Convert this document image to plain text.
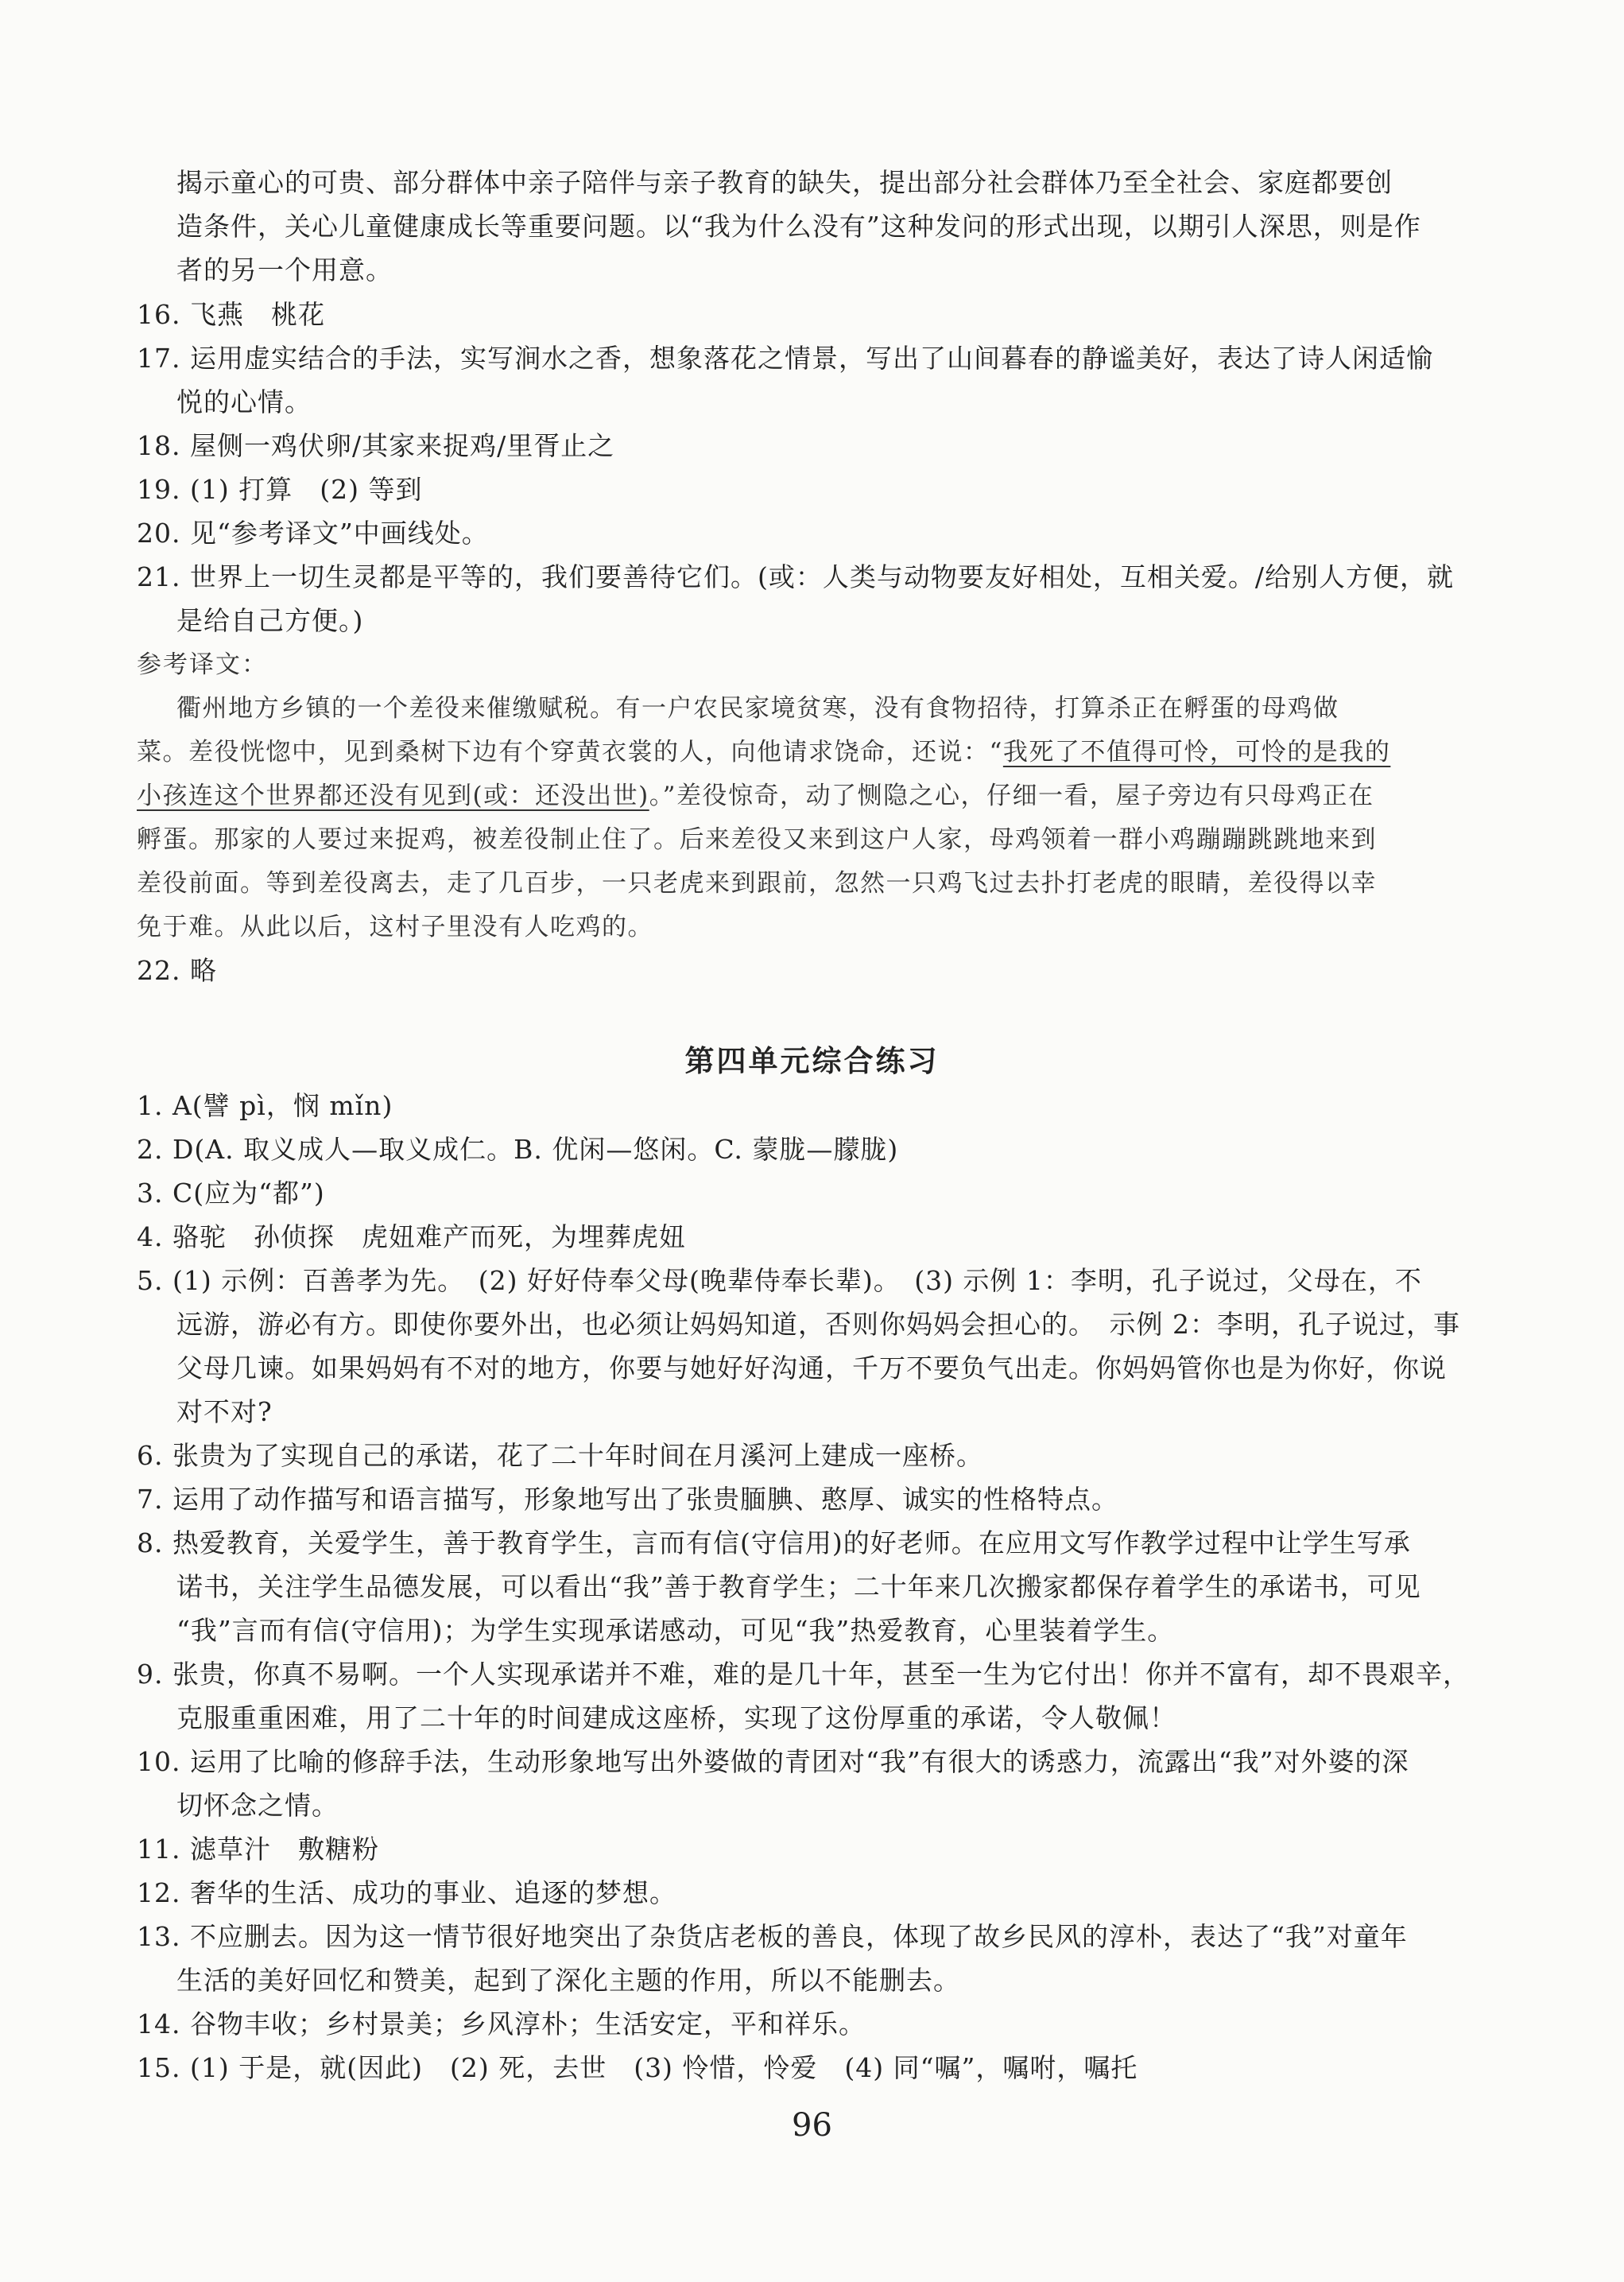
揭示童心的可贵、部分群体中亲子陪伴与亲子教育的缺失，提出部分社会群体乃至全社会、家庭都要创
造条件，关心儿童健康成长等重要问题。以“我为什么没有”这种发问的形式出现，以期引人深思，则是作
者的另一个用意。
16. 飞燕　桃花
17. 运用虚实结合的手法，实写涧水之香，想象落花之情景，写出了山间暮春的静谧美好，表达了诗人闲适愉
悦的心情。
18. 屋侧一鸡伏卵/其家来捉鸡/里胥止之
19. (1) 打算　(2) 等到
20. 见“参考译文”中画线处。
21. 世界上一切生灵都是平等的，我们要善待它们。(或：人类与动物要友好相处，互相关爱。/给别人方便，就
是给自己方便。)
参考译文：
衢州地方乡镇的一个差役来催缴赋税。有一户农民家境贫寒，没有食物招待，打算杀正在孵蛋的母鸡做
菜。差役恍惚中，见到桑树下边有个穿黄衣裳的人，向他请求饶命，还说：“我死了不值得可怜，可怜的是我的
小孩连这个世界都还没有见到(或：还没出世)。”差役惊奇，动了恻隐之心，仔细一看，屋子旁边有只母鸡正在
孵蛋。那家的人要过来捉鸡，被差役制止住了。后来差役又来到这户人家，母鸡领着一群小鸡蹦蹦跳跳地来到
差役前面。等到差役离去，走了几百步，一只老虎来到跟前，忽然一只鸡飞过去扑打老虎的眼睛，差役得以幸
免于难。从此以后，这村子里没有人吃鸡的。
22. 略
第四单元综合练习
1. A(譬 pì，悯 mǐn)
2. D(A. 取义成人—取义成仁。B. 优闲—悠闲。C. 蒙胧—朦胧)
3. C(应为“都”)
4. 骆驼　孙侦探　虎妞难产而死，为埋葬虎妞
5. (1) 示例：百善孝为先。　(2) 好好侍奉父母(晚辈侍奉长辈)。　(3) 示例 1：李明，孔子说过，父母在，不
远游，游必有方。即使你要外出，也必须让妈妈知道，否则你妈妈会担心的。　示例 2：李明，孔子说过，事
父母几谏。如果妈妈有不对的地方，你要与她好好沟通，千万不要负气出走。你妈妈管你也是为你好，你说
对不对?
6. 张贵为了实现自己的承诺，花了二十年时间在月溪河上建成一座桥。
7. 运用了动作描写和语言描写，形象地写出了张贵腼腆、憨厚、诚实的性格特点。
8. 热爱教育，关爱学生，善于教育学生，言而有信(守信用)的好老师。在应用文写作教学过程中让学生写承
诺书，关注学生品德发展，可以看出“我”善于教育学生；二十年来几次搬家都保存着学生的承诺书，可见
“我”言而有信(守信用)；为学生实现承诺感动，可见“我”热爱教育，心里装着学生。
9. 张贵，你真不易啊。一个人实现承诺并不难，难的是几十年，甚至一生为它付出！你并不富有，却不畏艰辛，
克服重重困难，用了二十年的时间建成这座桥，实现了这份厚重的承诺，令人敬佩！
10. 运用了比喻的修辞手法，生动形象地写出外婆做的青团对“我”有很大的诱惑力，流露出“我”对外婆的深
切怀念之情。
11. 滤草汁　敷糖粉
12. 奢华的生活、成功的事业、追逐的梦想。
13. 不应删去。因为这一情节很好地突出了杂货店老板的善良，体现了故乡民风的淳朴，表达了“我”对童年
生活的美好回忆和赞美，起到了深化主题的作用，所以不能删去。
14. 谷物丰收；乡村景美；乡风淳朴；生活安定，平和祥乐。
15. (1) 于是，就(因此)　(2) 死，去世　(3) 怜惜，怜爱　(4) 同“嘱”，嘱咐，嘱托
96
